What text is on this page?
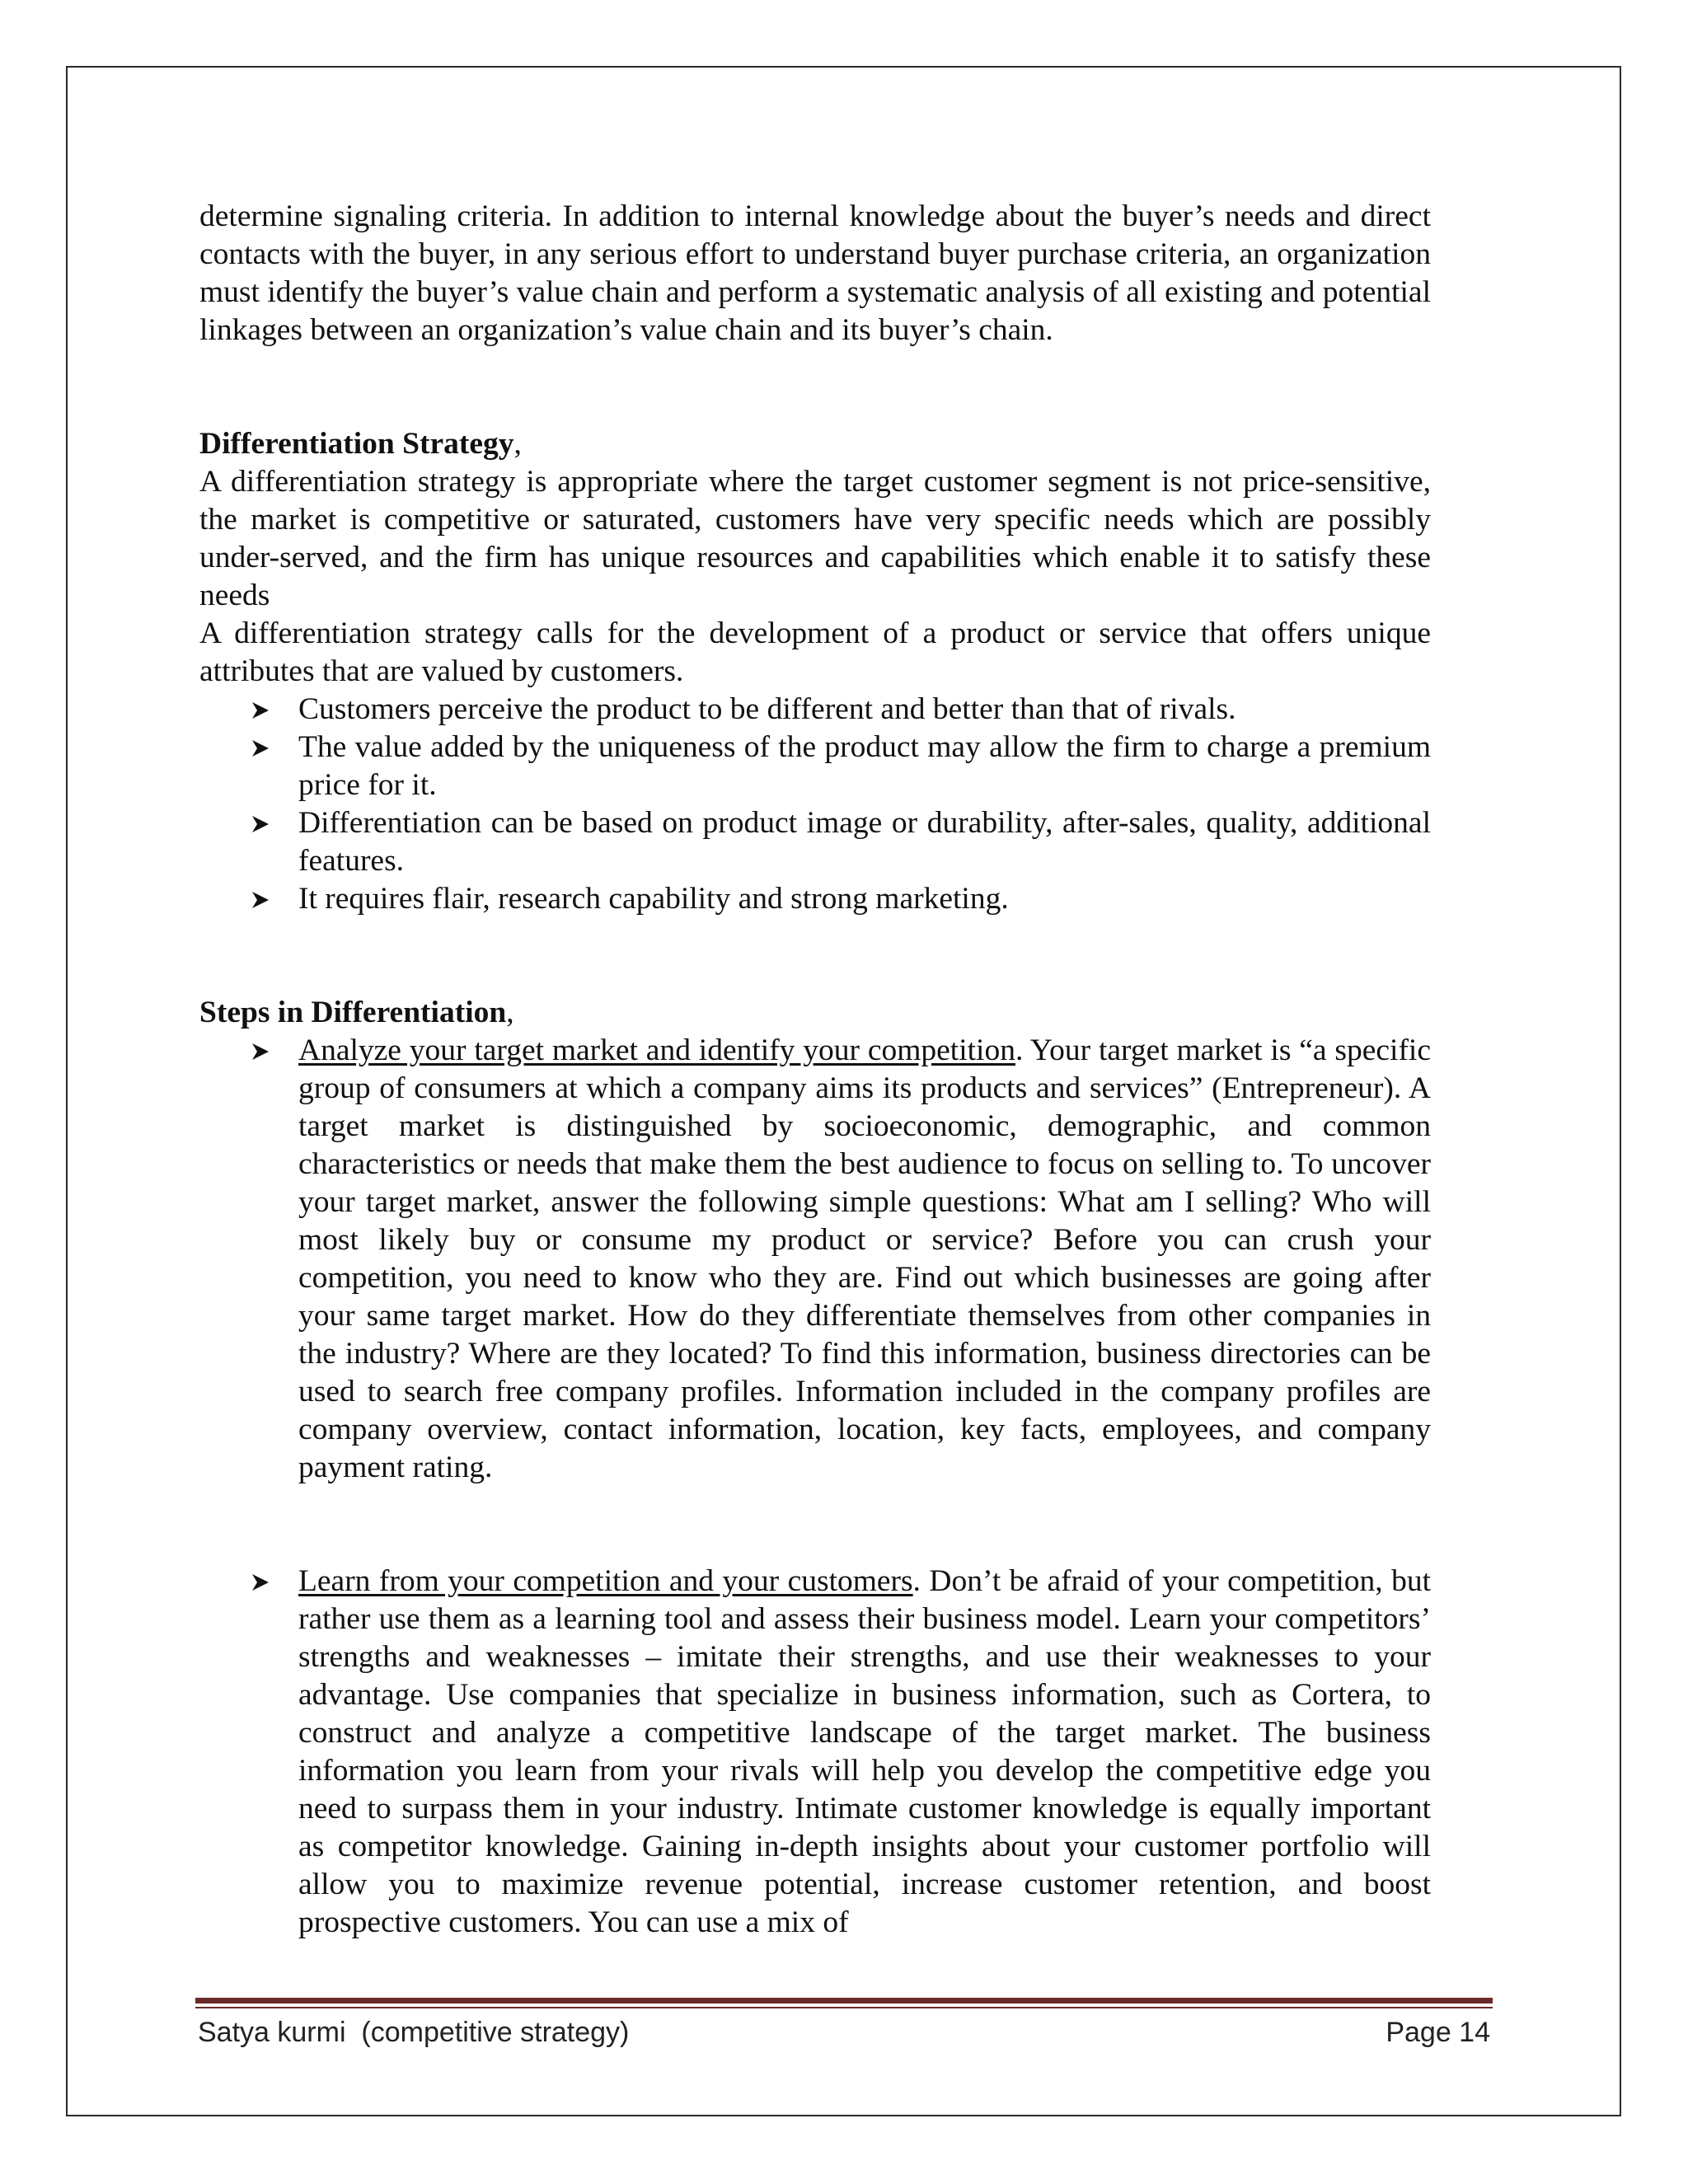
determine signaling criteria. In addition to internal knowledge about the buyer’s needs and direct contacts with the buyer, in any serious effort to understand buyer purchase criteria, an organization must identify the buyer’s value chain and perform a systematic analysis of all existing and potential linkages between an organization’s value chain and its buyer’s chain.

Differentiation Strategy,

A differentiation strategy is appropriate where the target customer segment is not price-sensitive, the market is competitive or saturated, customers have very specific needs which are possibly under-served, and the firm has unique resources and capabilities which enable it to satisfy these needs

A differentiation strategy calls for the development of a product or service that offers unique attributes that are valued by customers.

Customers perceive the product to be different and better than that of rivals.
The value added by the uniqueness of the product may allow the firm to charge a premium price for it.
Differentiation can be based on product image or durability, after-sales, quality, additional features.
It requires flair, research capability and strong marketing.
Steps in Differentiation,
Analyze your target market and identify your competition. Your target market is “a specific group of consumers at which a company aims its products and services” (Entrepreneur). A target market is distinguished by socioeconomic, demographic, and common characteristics or needs that make them the best audience to focus on selling to. To uncover your target market, answer the following simple questions: What am I selling? Who will most likely buy or consume my product or service? Before you can crush your competition, you need to know who they are. Find out which businesses are going after your same target market. How do they differentiate themselves from other companies in the industry? Where are they located? To find this information, business directories can be used to search free company profiles. Information included in the company profiles are company overview, contact information, location, key facts, employees, and company payment rating.
Learn from your competition and your customers. Don’t be afraid of your competition, but rather use them as a learning tool and assess their business model. Learn your competitors’ strengths and weaknesses – imitate their strengths, and use their weaknesses to your advantage. Use companies that specialize in business information, such as Cortera, to construct and analyze a competitive landscape of the target market. The business information you learn from your rivals will help you develop the competitive edge you need to surpass them in your industry. Intimate customer knowledge is equally important as competitor knowledge. Gaining in-depth insights about your customer portfolio will allow you to maximize revenue potential, increase customer retention, and boost prospective customers. You can use a mix of
Satya kurmi  (competitive strategy)	Page 14
